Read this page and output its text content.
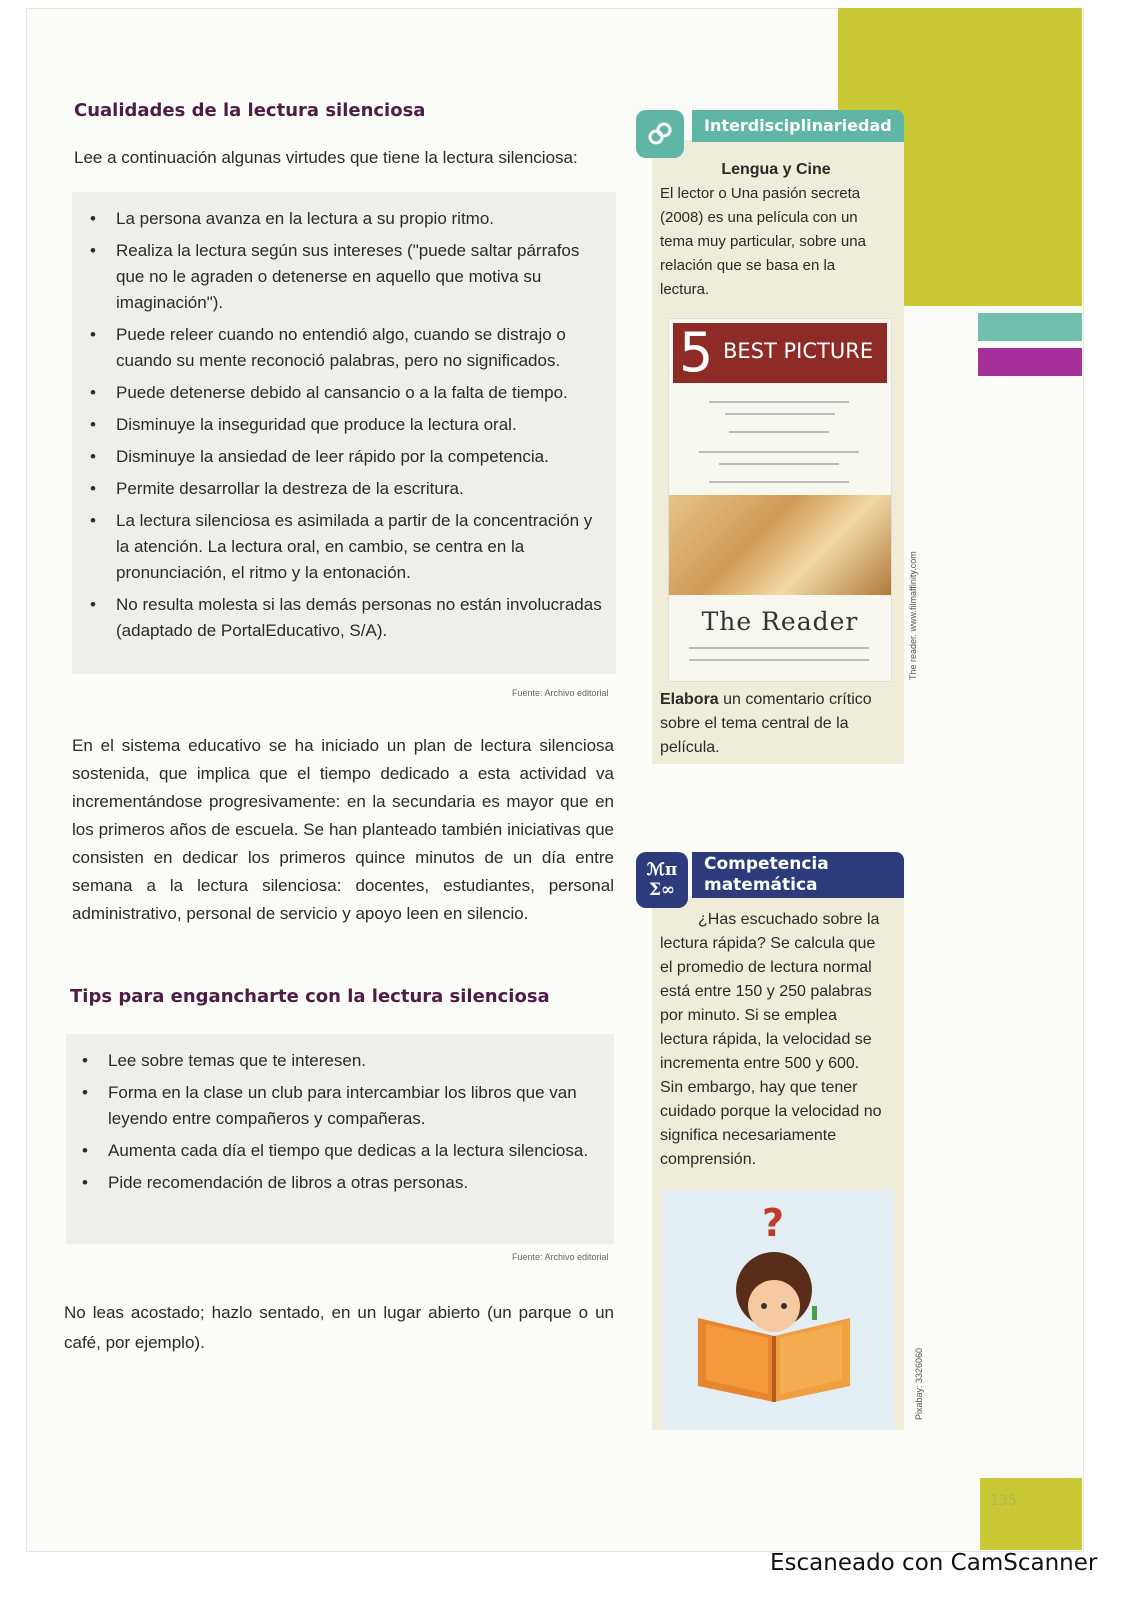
135
Cualidades de la lectura silenciosa
Lee a continuación algunas virtudes que tiene la lectura silenciosa:
• La persona avanza en la lectura a su propio ritmo.
• Realiza la lectura según sus intereses ("puede saltar párrafos que no le agraden o detenerse en aquello que motiva su imaginación").
• Puede releer cuando no entendió algo, cuando se distrajo o cuando su mente reconoció palabras, pero no significados.
• Puede detenerse debido al cansancio o a la falta de tiempo.
• Disminuye la inseguridad que produce la lectura oral.
• Disminuye la ansiedad de leer rápido por la competencia.
• Permite desarrollar la destreza de la escritura.
• La lectura silenciosa es asimilada a partir de la concentración y la atención. La lectura oral, en cambio, se centra en la pronunciación, el ritmo y la entonación.
• No resulta molesta si las demás personas no están involucradas (adaptado de PortalEducativo, S/A).
Fuente: Archivo editorial
En el sistema educativo se ha iniciado un plan de lectura silenciosa sostenida, que implica que el tiempo dedicado a esta actividad va incrementándose progresivamente: en la secundaria es mayor que en los primeros años de escuela. Se han planteado también iniciativas que consisten en dedicar los primeros quince minutos de un día entre semana a la lectura silenciosa: docentes, estudiantes, personal administrativo, personal de servicio y apoyo leen en silencio.
Tips para engancharte con la lectura silenciosa
• Lee sobre temas que te interesen.
• Forma en la clase un club para intercambiar los libros que van leyendo entre compañeros y compañeras.
• Aumenta cada día el tiempo que dedicas a la lectura silenciosa.
• Pide recomendación de libros a otras personas.
Fuente: Archivo editorial
No leas acostado; hazlo sentado, en un lugar abierto (un parque o un café, por ejemplo).
Interdisciplinariedad
Lengua y Cine
El lector o Una pasión secreta (2008) es una película con un tema muy particular, sobre una relación que se basa en la lectura.
5 BEST PICTURE
The Reader	The reader. www.filmaffinity.com
Elabora un comentario crítico sobre el tema central de la película.
Competencia
matemática
ℳπ Σ∞
¿Has escuchado sobre la lectura rápida? Se calcula que el promedio de lectura normal está entre 150 y 250 palabras por minuto. Si se emplea lectura rápida, la velocidad se incrementa entre 500 y 600. Sin embargo, hay que tener cuidado porque la velocidad no significa necesariamente comprensión.
?
Pixabay: 3326060
Escaneado con CamScanner
